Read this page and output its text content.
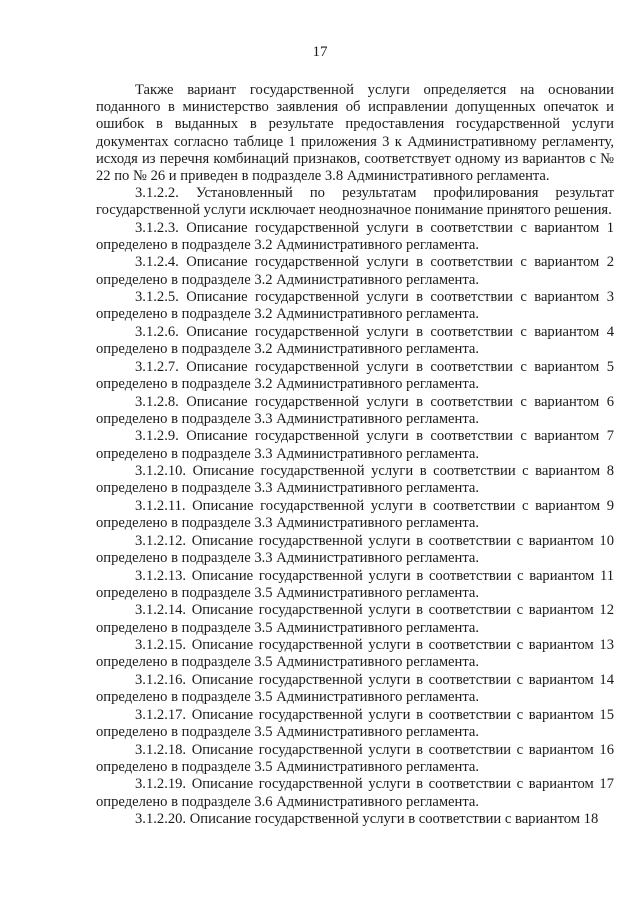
17

Также вариант государственной услуги определяется на основании поданного в министерство заявления об исправлении допущенных опечаток и ошибок в выданных в результате предоставления государственной услуги документах согласно таблице 1 приложения 3 к Административному регламенту, исходя из перечня комбинаций признаков, соответствует одному из вариантов с № 22 по № 26 и приведен в подразделе 3.8 Административного регламента.

3.1.2.2. Установленный по результатам профилирования результат государственной услуги исключает неоднозначное понимание принятого решения.

3.1.2.3. Описание государственной услуги в соответствии с вариантом 1 определено в подразделе 3.2 Административного регламента.

3.1.2.4. Описание государственной услуги в соответствии с вариантом 2 определено в подразделе 3.2 Административного регламента.

3.1.2.5. Описание государственной услуги в соответствии с вариантом 3 определено в подразделе 3.2 Административного регламента.

3.1.2.6. Описание государственной услуги в соответствии с вариантом 4 определено в подразделе 3.2 Административного регламента.

3.1.2.7. Описание государственной услуги в соответствии с вариантом 5 определено в подразделе 3.2 Административного регламента.

3.1.2.8. Описание государственной услуги в соответствии с вариантом 6 определено в подразделе 3.3 Административного регламента.

3.1.2.9. Описание государственной услуги в соответствии с вариантом 7 определено в подразделе 3.3 Административного регламента.

3.1.2.10. Описание государственной услуги в соответствии с вариантом 8 определено в подразделе 3.3 Административного регламента.

3.1.2.11. Описание государственной услуги в соответствии с вариантом 9 определено в подразделе 3.3 Административного регламента.

3.1.2.12. Описание государственной услуги в соответствии с вариантом 10 определено в подразделе 3.3 Административного регламента.

3.1.2.13. Описание государственной услуги в соответствии с вариантом 11 определено в подразделе 3.5 Административного регламента.

3.1.2.14. Описание государственной услуги в соответствии с вариантом 12 определено в подразделе 3.5 Административного регламента.

3.1.2.15. Описание государственной услуги в соответствии с вариантом 13 определено в подразделе 3.5 Административного регламента.

3.1.2.16. Описание государственной услуги в соответствии с вариантом 14 определено в подразделе 3.5 Административного регламента.

3.1.2.17. Описание государственной услуги в соответствии с вариантом 15 определено в подразделе 3.5 Административного регламента.

3.1.2.18. Описание государственной услуги в соответствии с вариантом 16 определено в подразделе 3.5 Административного регламента.

3.1.2.19. Описание государственной услуги в соответствии с вариантом 17 определено в подразделе 3.6 Административного регламента.

3.1.2.20. Описание государственной услуги в соответствии с вариантом 18
